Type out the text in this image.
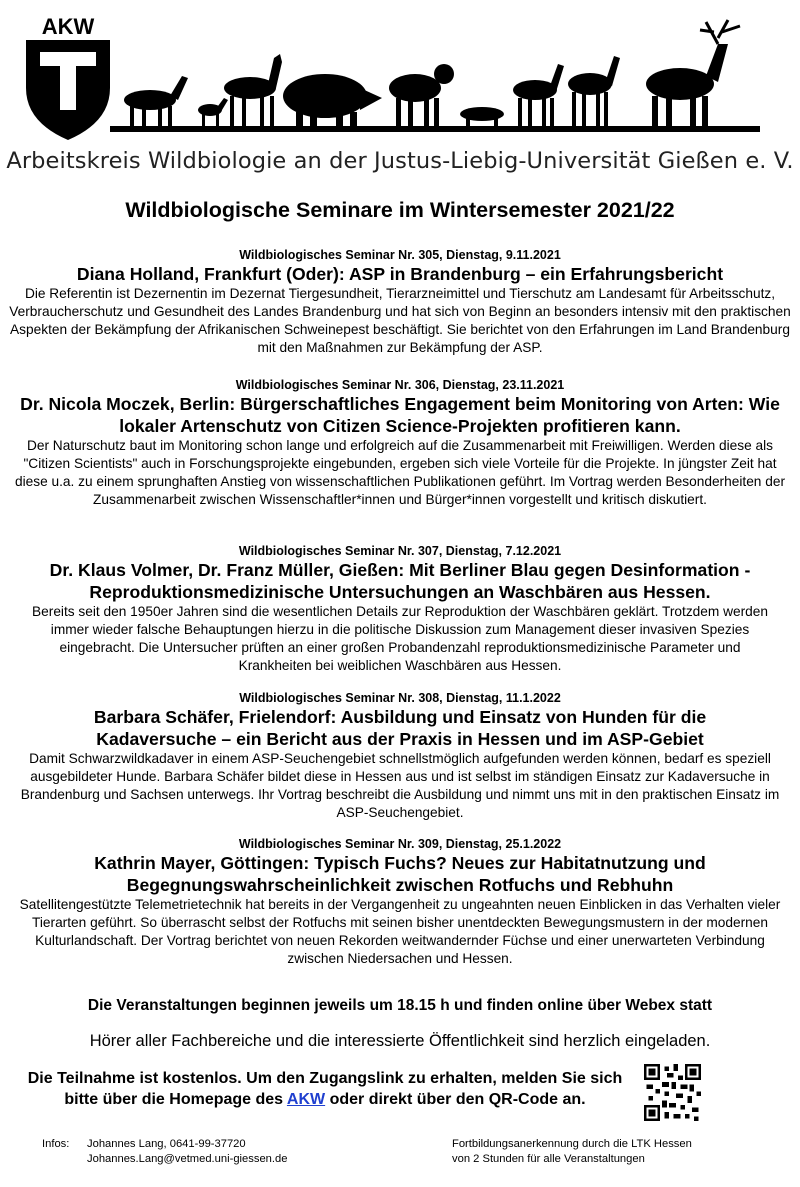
AKW
Arbeitskreis Wildbiologie an der Justus-Liebig-Universität Gießen e. V.
Wildbiologische Seminare im Wintersemester 2021/22
Wildbiologisches Seminar Nr. 305, Dienstag, 9.11.2021
Diana Holland, Frankfurt (Oder): ASP in Brandenburg – ein Erfahrungsbericht
Die Referentin ist Dezernentin im Dezernat Tiergesundheit, Tierarzneimittel und Tierschutz am Landesamt für Arbeitsschutz, Verbraucherschutz und Gesundheit des Landes Brandenburg und hat sich von Beginn an besonders intensiv mit den praktischen Aspekten der Bekämpfung der Afrikanischen Schweinepest beschäftigt. Sie berichtet von den Erfahrungen im Land Brandenburg mit den Maßnahmen zur Bekämpfung der ASP.
Wildbiologisches Seminar Nr. 306, Dienstag, 23.11.2021
Dr. Nicola Moczek, Berlin: Bürgerschaftliches Engagement beim Monitoring von Arten: Wie lokaler Artenschutz von Citizen Science-Projekten profitieren kann.
Der Naturschutz baut im Monitoring schon lange und erfolgreich auf die Zusammenarbeit mit Freiwilligen. Werden diese als "Citizen Scientists" auch in Forschungsprojekte eingebunden, ergeben sich viele Vorteile für die Projekte. In jüngster Zeit hat diese u.a. zu einem sprunghaften Anstieg von wissenschaftlichen Publikationen geführt. Im Vortrag werden Besonderheiten der Zusammenarbeit zwischen Wissenschaftler*innen und Bürger*innen vorgestellt und kritisch diskutiert.
Wildbiologisches Seminar Nr. 307, Dienstag, 7.12.2021
Dr. Klaus Volmer, Dr. Franz Müller, Gießen: Mit Berliner Blau gegen Desinformation - Reproduktionsmedizinische Untersuchungen an Waschbären aus Hessen.
Bereits seit den 1950er Jahren sind die wesentlichen Details zur Reproduktion der Waschbären geklärt. Trotzdem werden immer wieder falsche Behauptungen hierzu in die politische Diskussion zum Management dieser invasiven Spezies eingebracht. Die Untersucher prüften an einer großen Probandenzahl reproduktionsmedizinische Parameter und Krankheiten bei weiblichen Waschbären aus Hessen.
Wildbiologisches Seminar Nr. 308, Dienstag, 11.1.2022
Barbara Schäfer, Frielendorf: Ausbildung und Einsatz von Hunden für die Kadaversuche – ein Bericht aus der Praxis in Hessen und im ASP-Gebiet
Damit Schwarzwildkadaver in einem ASP-Seuchengebiet schnellstmöglich aufgefunden werden können, bedarf es speziell ausgebildeter Hunde. Barbara Schäfer bildet diese in Hessen aus und ist selbst im ständigen Einsatz zur Kadaversuche in Brandenburg und Sachsen unterwegs. Ihr Vortrag beschreibt die Ausbildung und nimmt uns mit in den praktischen Einsatz im ASP-Seuchengebiet.
Wildbiologisches Seminar Nr. 309, Dienstag, 25.1.2022
Kathrin Mayer, Göttingen: Typisch Fuchs? Neues zur Habitatnutzung und Begegnungswahrscheinlichkeit zwischen Rotfuchs und Rebhuhn
Satellitengestützte Telemetrietechnik hat bereits in der Vergangenheit zu ungeahnten neuen Einblicken in das Verhalten vieler Tierarten geführt. So überrascht selbst der Rotfuchs mit seinen bisher unentdeckten Bewegungsmustern in der modernen Kulturlandschaft. Der Vortrag berichtet von neuen Rekorden weitwandernder Füchse und einer unerwarteten Verbindung zwischen Niedersachen und Hessen.
Die Veranstaltungen beginnen jeweils um 18.15 h und finden online über Webex statt
Hörer aller Fachbereiche und die interessierte Öffentlichkeit sind herzlich eingeladen.
Die Teilnahme ist kostenlos. Um den Zugangslink zu erhalten, melden Sie sich bitte über die Homepage des AKW oder direkt über den QR-Code an.
Infos: Johannes Lang, 0641-99-37720
Johannes.Lang@vetmed.uni-giessen.de
Fortbildungsanerkennung durch die LTK Hessen
von 2 Stunden für alle Veranstaltungen
